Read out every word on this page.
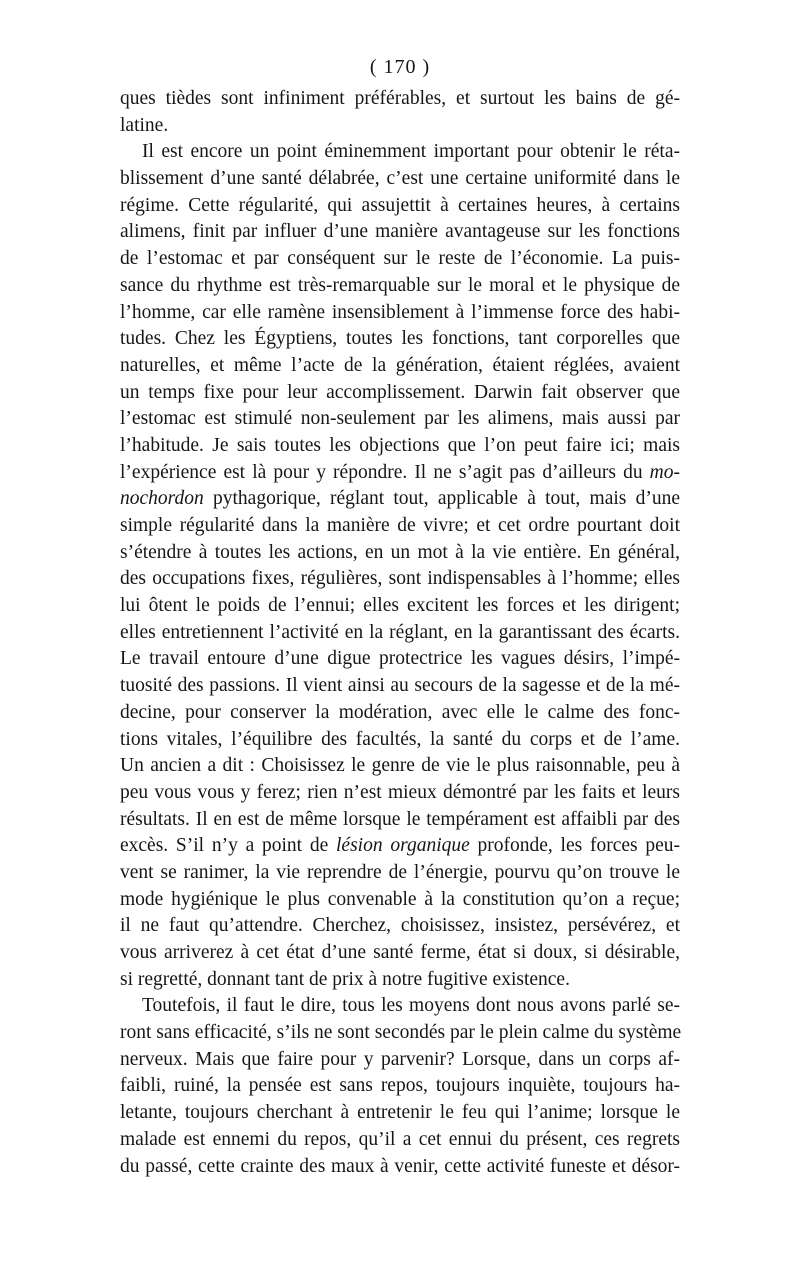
( 170 )
ques tièdes sont infiniment préférables, et surtout les bains de gé-
latine.
Il est encore un point éminemment important pour obtenir le réta-
blissement d’une santé délabrée, c’est une certaine uniformité dans le
régime. Cette régularité, qui assujettit à certaines heures, à certains
alimens, finit par influer d’une manière avantageuse sur les fonctions
de l’estomac et par conséquent sur le reste de l’économie. La puis-
sance du rhythme est très-remarquable sur le moral et le physique de
l’homme, car elle ramène insensiblement à l’immense force des habi-
tudes. Chez les Égyptiens, toutes les fonctions, tant corporelles que
naturelles, et même l’acte de la génération, étaient réglées, avaient
un temps fixe pour leur accomplissement. Darwin fait observer que
l’estomac est stimulé non-seulement par les alimens, mais aussi par
l’habitude. Je sais toutes les objections que l’on peut faire ici; mais
l’expérience est là pour y répondre. Il ne s’agit pas d’ailleurs du mo-
nochordon pythagorique, réglant tout, applicable à tout, mais d’une
simple régularité dans la manière de vivre; et cet ordre pourtant doit
s’étendre à toutes les actions, en un mot à la vie entière. En général,
des occupations fixes, régulières, sont indispensables à l’homme; elles
lui ôtent le poids de l’ennui; elles excitent les forces et les dirigent;
elles entretiennent l’activité en la réglant, en la garantissant des écarts.
Le travail entoure d’une digue protectrice les vagues désirs, l’impé-
tuosité des passions. Il vient ainsi au secours de la sagesse et de la mé-
decine, pour conserver la modération, avec elle le calme des fonc-
tions vitales, l’équilibre des facultés, la santé du corps et de l’ame.
Un ancien a dit : Choisissez le genre de vie le plus raisonnable, peu à
peu vous vous y ferez; rien n’est mieux démontré par les faits et leurs
résultats. Il en est de même lorsque le tempérament est affaibli par des
excès. S’il n’y a point de lésion organique profonde, les forces peu-
vent se ranimer, la vie reprendre de l’énergie, pourvu qu’on trouve le
mode hygiénique le plus convenable à la constitution qu’on a reçue;
il ne faut qu’attendre. Cherchez, choisissez, insistez, persévérez, et
vous arriverez à cet état d’une santé ferme, état si doux, si désirable,
si regretté, donnant tant de prix à notre fugitive existence.
Toutefois, il faut le dire, tous les moyens dont nous avons parlé se-
ront sans efficacité, s’ils ne sont secondés par le plein calme du système
nerveux. Mais que faire pour y parvenir? Lorsque, dans un corps af-
faibli, ruiné, la pensée est sans repos, toujours inquiète, toujours ha-
letante, toujours cherchant à entretenir le feu qui l’anime; lorsque le
malade est ennemi du repos, qu’il a cet ennui du présent, ces regrets
du passé, cette crainte des maux à venir, cette activité funeste et désor-
